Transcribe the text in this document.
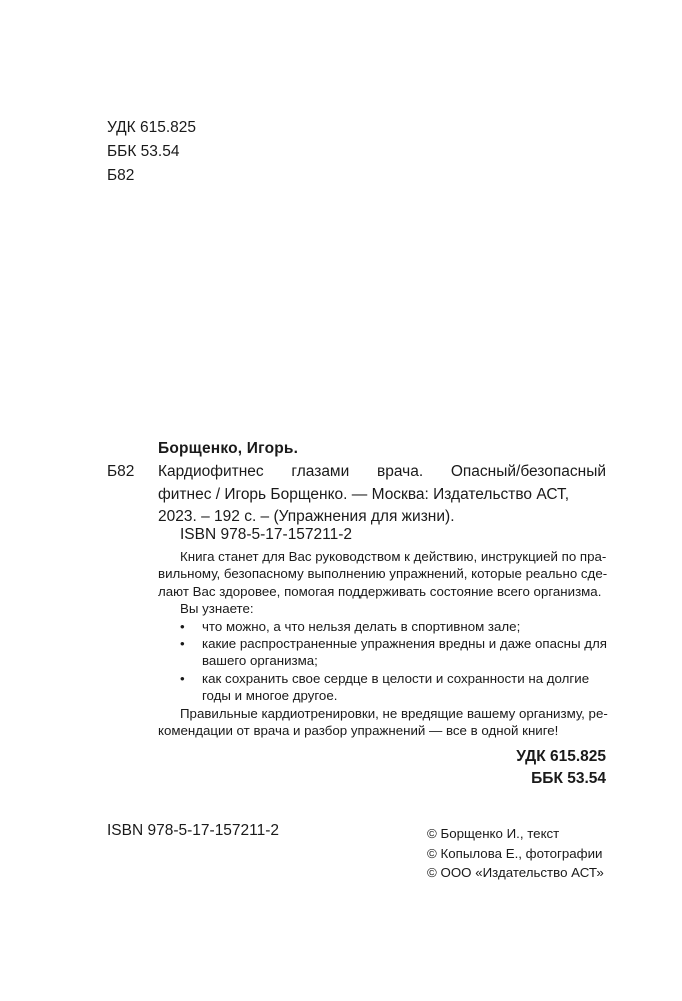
УДК 615.825
ББК 53.54
Б82
Борщенко, Игорь.
Б82 Кардиофитнес глазами врача. Опасный/безопасный
фитнес / Игорь Борщенко. — Москва: Издательство АСТ,
2023. – 192 с. – (Упражнения для жизни).
ISBN 978-5-17-157211-2
Книга станет для Вас руководством к действию, инструкцией по пра-
вильному, безопасному выполнению упражнений, которые реально сде-
лают Вас здоровее, помогая поддерживать состояние всего организма.
Вы узнаете:
•	что можно, а что нельзя делать в спортивном зале;
•	какие распространенные упражнения вредны и даже опасны для
вашего организма;
•	как сохранить свое сердце в целости и сохранности на долгие
годы и многое другое.
Правильные кардиотренировки, не вредящие вашему организму, ре-
комендации от врача и разбор упражнений — все в одной книге!
УДК 615.825
ББК 53.54
ISBN 978-5-17-157211-2	© Борщенко И., текст
© Копылова Е., фотографии
© ООО «Издательство АСТ»
